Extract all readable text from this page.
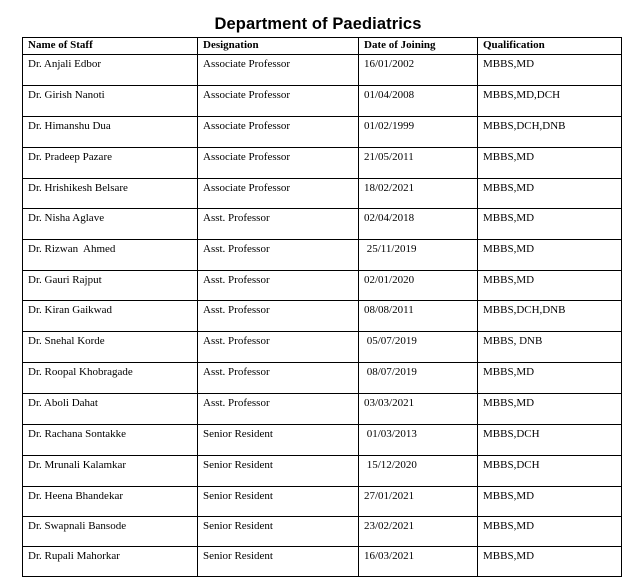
Department of Paediatrics
Name of Staff	Designation	Date of Joining	Qualification
Dr. Anjali Edbor	Associate Professor	16/01/2002	MBBS,MD
Dr. Girish Nanoti	Associate Professor	01/04/2008	MBBS,MD,DCH
Dr. Himanshu Dua	Associate Professor	01/02/1999	MBBS,DCH,DNB
Dr. Pradeep Pazare	Associate Professor	21/05/2011	MBBS,MD
Dr. Hrishikesh Belsare	Associate Professor	18/02/2021	MBBS,MD
Dr. Nisha Aglave	Asst. Professor	02/04/2018	MBBS,MD
Dr. Rizwan  Ahmed	Asst. Professor	25/11/2019	MBBS,MD
Dr. Gauri Rajput	Asst. Professor	02/01/2020	MBBS,MD
Dr. Kiran Gaikwad	Asst. Professor	08/08/2011	MBBS,DCH,DNB
Dr. Snehal Korde	Asst. Professor	05/07/2019	MBBS, DNB
Dr. Roopal Khobragade	Asst. Professor	08/07/2019	MBBS,MD
Dr. Aboli Dahat	Asst. Professor	03/03/2021	MBBS,MD
Dr. Rachana Sontakke	Senior Resident	01/03/2013	MBBS,DCH
Dr. Mrunali Kalamkar	Senior Resident	15/12/2020	MBBS,DCH
Dr. Heena Bhandekar	Senior Resident	27/01/2021	MBBS,MD
Dr. Swapnali Bansode	Senior Resident	23/02/2021	MBBS,MD
Dr. Rupali Mahorkar	Senior Resident	16/03/2021	MBBS,MD
